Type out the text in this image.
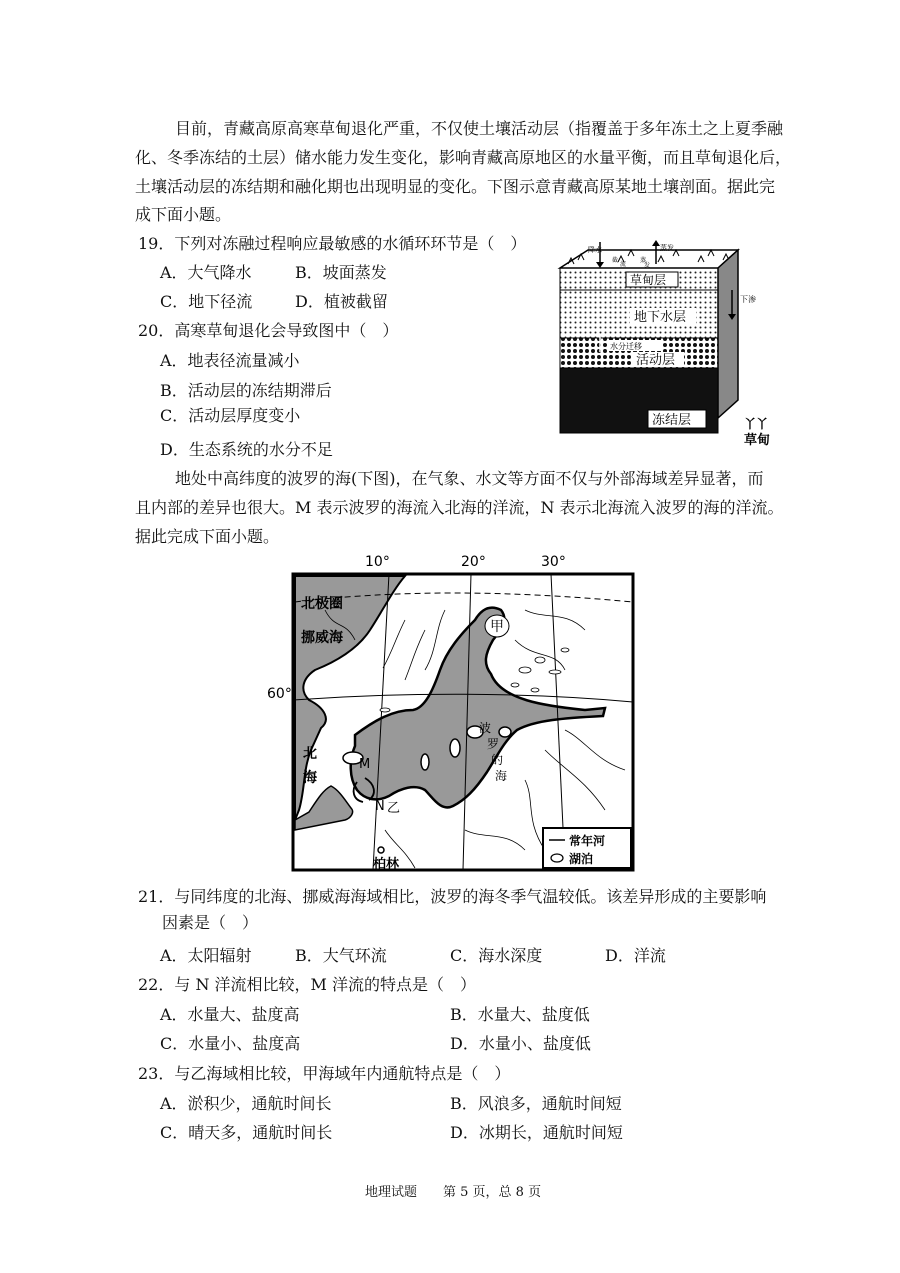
目前，青藏高原高寒草甸退化严重，不仅使土壤活动层（指覆盖于多年冻土之上夏季融
化、冬季冻结的土层）储水能力发生变化，影响青藏高原地区的水量平衡，而且草甸退化后，
土壤活动层的冻结期和融化期也出现明显的变化。下图示意青藏高原某地土壤剖面。据此完
成下面小题。
19．下列对冻融过程响应最敏感的水循环环节是（　）
A．大气降水	B．坡面蒸发
C．地下径流	D．植被截留
20．高寒草甸退化会导致图中（　）
A．地表径流量减小
B．活动层的冻结期滞后
C．活动层厚度变小
D．生态系统的水分不足
草甸层
地下水层
水分迁移
活动层
冻结层
降水	蒸发
截
流
蒸
发
下渗
丫丫
草甸
地处中高纬度的波罗的海(下图)，在气象、水文等方面不仅与外部海域差异显著，而
且内部的差异也很大。M 表示波罗的海流入北海的洋流，N 表示北海流入波罗的海的洋流。
据此完成下面小题。
10°	20°	30°
60°
北极圈
挪威海
北
海
波
罗
的
海
甲
M
N 乙
柏林
常年河
湖泊
21．与同纬度的北海、挪威海海域相比，波罗的海冬季气温较低。该差异形成的主要影响
因素是（　）
A．太阳辐射	B．大气环流	C．海水深度	D．洋流
22．与 N 洋流相比较，M 洋流的特点是（　）
A．水量大、盐度高	B．水量大、盐度低
C．水量小、盐度高	D．水量小、盐度低
23．与乙海域相比较，甲海域年内通航特点是（　）
A．淤积少，通航时间长	B．风浪多，通航时间短
C．晴天多，通航时间长	D．冰期长，通航时间短
地理试题　　第 5 页，总 8 页
